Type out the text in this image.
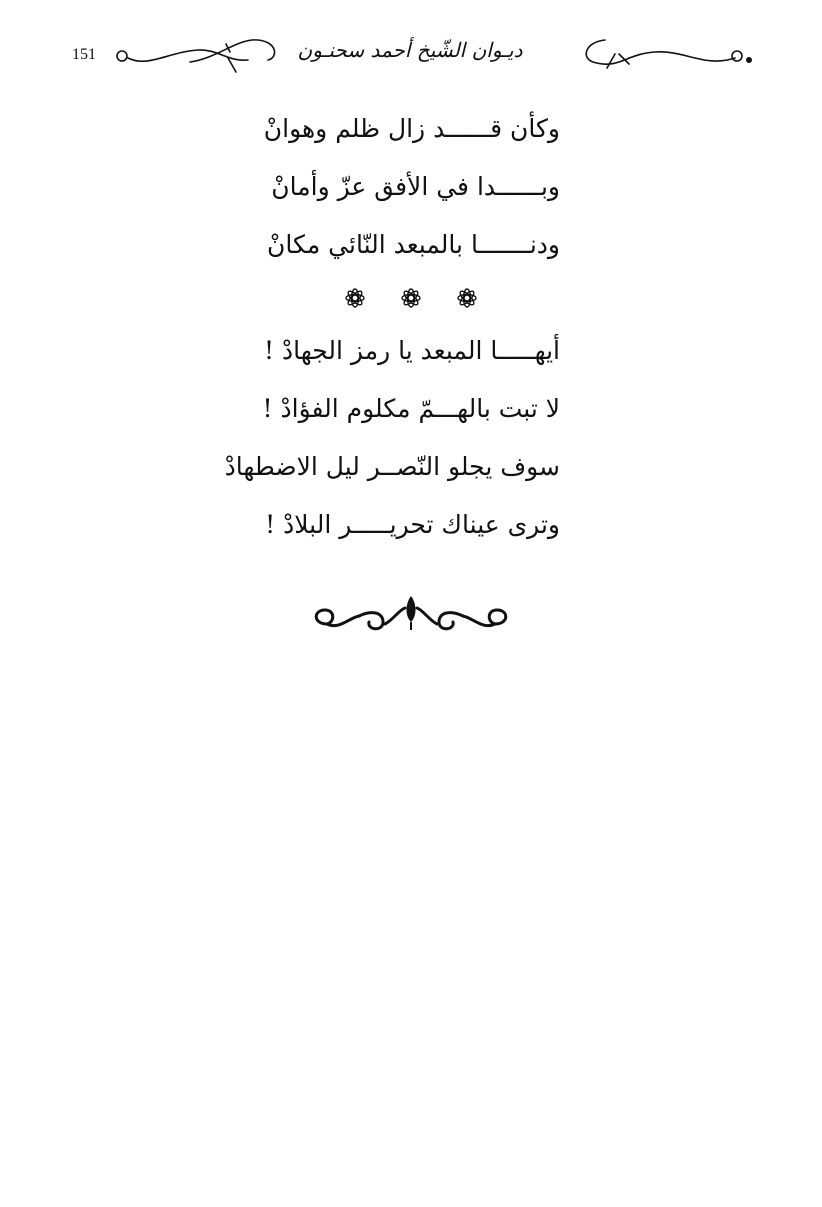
151	ديـوان الشّيخ أحمد سحنـون
وكأن قــــــد زال ظلم وهوانْ
وبــــــدا في الأفق عزّ وأمانْ
ودنـــــــا بالمبعد النّائي مكانْ
أيهـــــا المبعد يا رمز الجهادْ !
لا تبت بالهـــمّ مكلوم الفؤادْ !
سوف يجلو النّصــر ليل الاضطهادْ
وترى عيناك تحريـــــر البلادْ !
